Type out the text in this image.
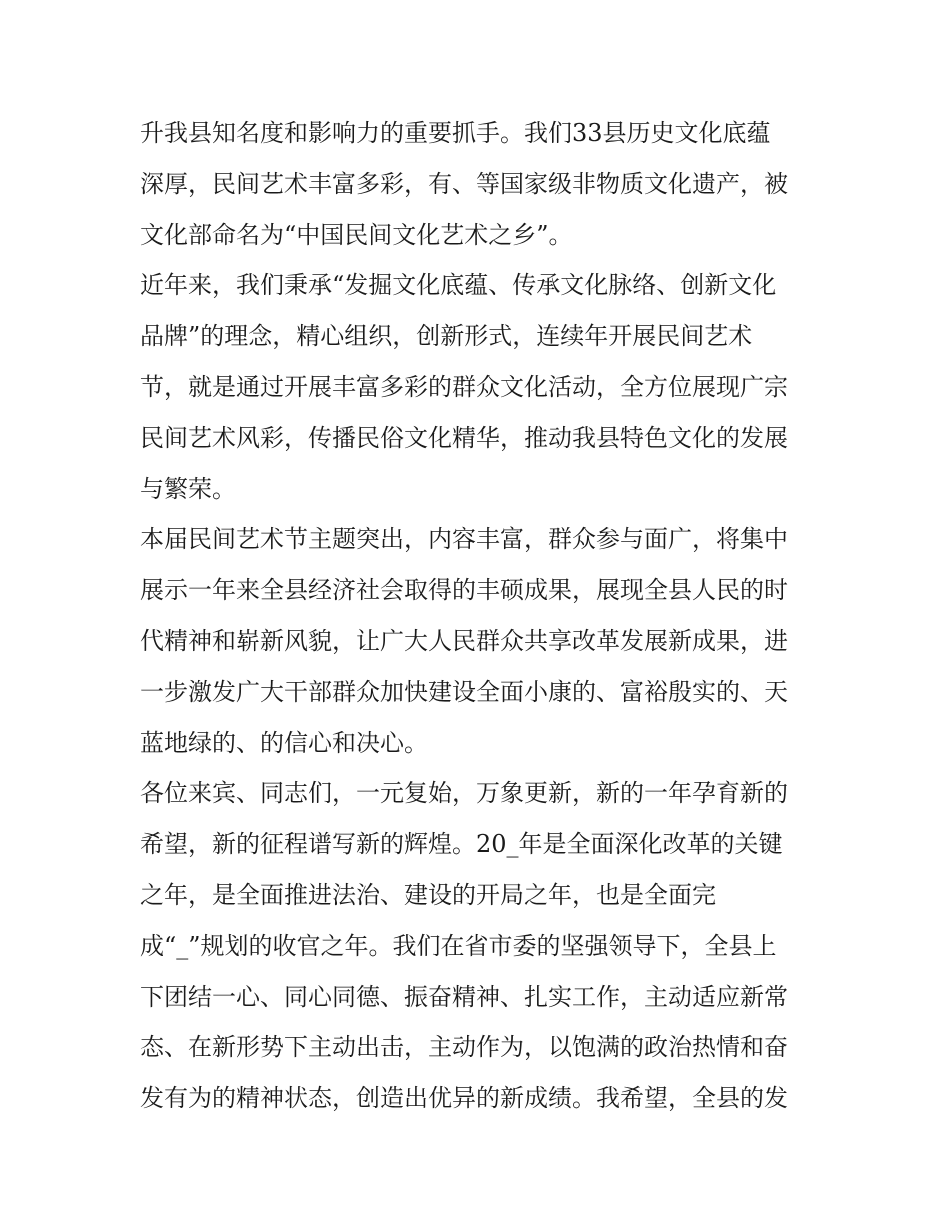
升我县知名度和影响力的重要抓手。我们33县历史文化底蕴
深厚，民间艺术丰富多彩，有、等国家级非物质文化遗产，被
文化部命名为“中国民间文化艺术之乡”。
近年来，我们秉承“发掘文化底蕴、传承文化脉络、创新文化
品牌”的理念，精心组织，创新形式，连续年开展民间艺术
节，就是通过开展丰富多彩的群众文化活动，全方位展现广宗
民间艺术风彩，传播民俗文化精华，推动我县特色文化的发展
与繁荣。
本届民间艺术节主题突出，内容丰富，群众参与面广，将集中
展示一年来全县经济社会取得的丰硕成果，展现全县人民的时
代精神和崭新风貌，让广大人民群众共享改革发展新成果，进
一步激发广大干部群众加快建设全面小康的、富裕殷实的、天
蓝地绿的、的信心和决心。
各位来宾、同志们，一元复始，万象更新，新的一年孕育新的
希望，新的征程谱写新的辉煌。20_年是全面深化改革的关键
之年，是全面推进法治、建设的开局之年，也是全面完
成“_”规划的收官之年。我们在省市委的坚强领导下，全县上
下团结一心、同心同德、振奋精神、扎实工作，主动适应新常
态、在新形势下主动出击，主动作为，以饱满的政治热情和奋
发有为的精神状态，创造出优异的新成绩。我希望，全县的发
